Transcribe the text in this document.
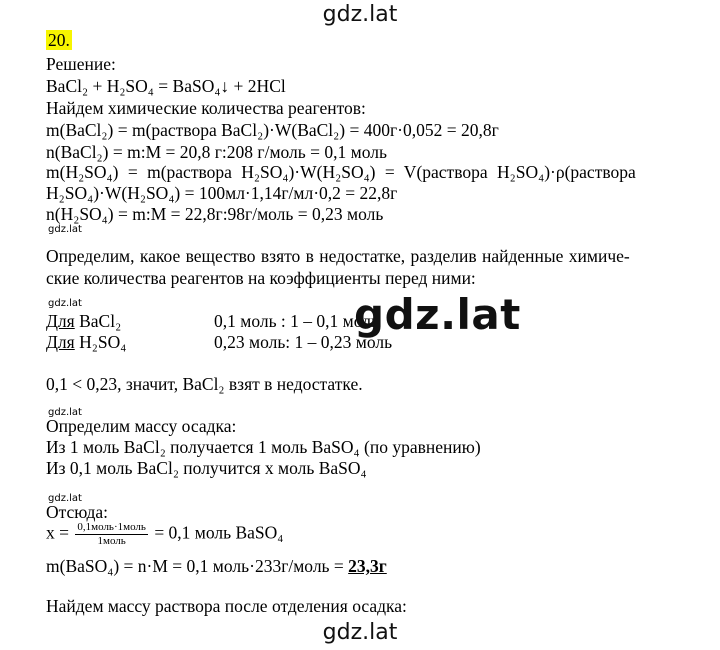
gdz.lat
20.
Решение:
BaCl₂ + H₂SO₄ = BaSO₄↓ + 2HCl
Найдем химические количества реагентов:
m(BaCl₂) = m(раствора BaCl₂)·W(BaCl₂) = 400г·0,052 = 20,8г
n(BaCl₂) = m:M = 20,8 г:208 г/моль = 0,1 моль
m(H₂SO₄) = m(раствора H₂SO₄)·W(H₂SO₄) = V(раствора H₂SO₄)·ρ(раствора
H₂SO₄)·W(H₂SO₄) = 100мл·1,14г/мл·0,2 = 22,8г
n(H₂SO₄) = m:M = 22,8г:98г/моль = 0,23 моль
gdz.lat
Определим, какое вещество взято в недостатке, разделив найденные химиче-
ские количества реагентов на коэффициенты перед ними:
gdz.lat
Для BaCl₂	0,1 моль : 1 – 0,1 моль
Для H₂SO₄	0,23 моль: 1 – 0,23 моль
gdz.lat
0,1 < 0,23, значит, BaCl₂ взят в недостатке.
gdz.lat
Определим массу осадка:
Из 1 моль BaCl₂ получается 1 моль BaSO₄ (по уравнению)
Из 0,1 моль BaCl₂ получится x моль BaSO₄
gdz.lat
Отсюда:
$x = \frac{\text{0,1моль·1моль}}{\text{1моль}} = 0,1$ моль BaSO₄
m(BaSO₄) = n·M = 0,1 моль·233г/моль = 23,3г
Найдем массу раствора после отделения осадка:
gdz.lat
